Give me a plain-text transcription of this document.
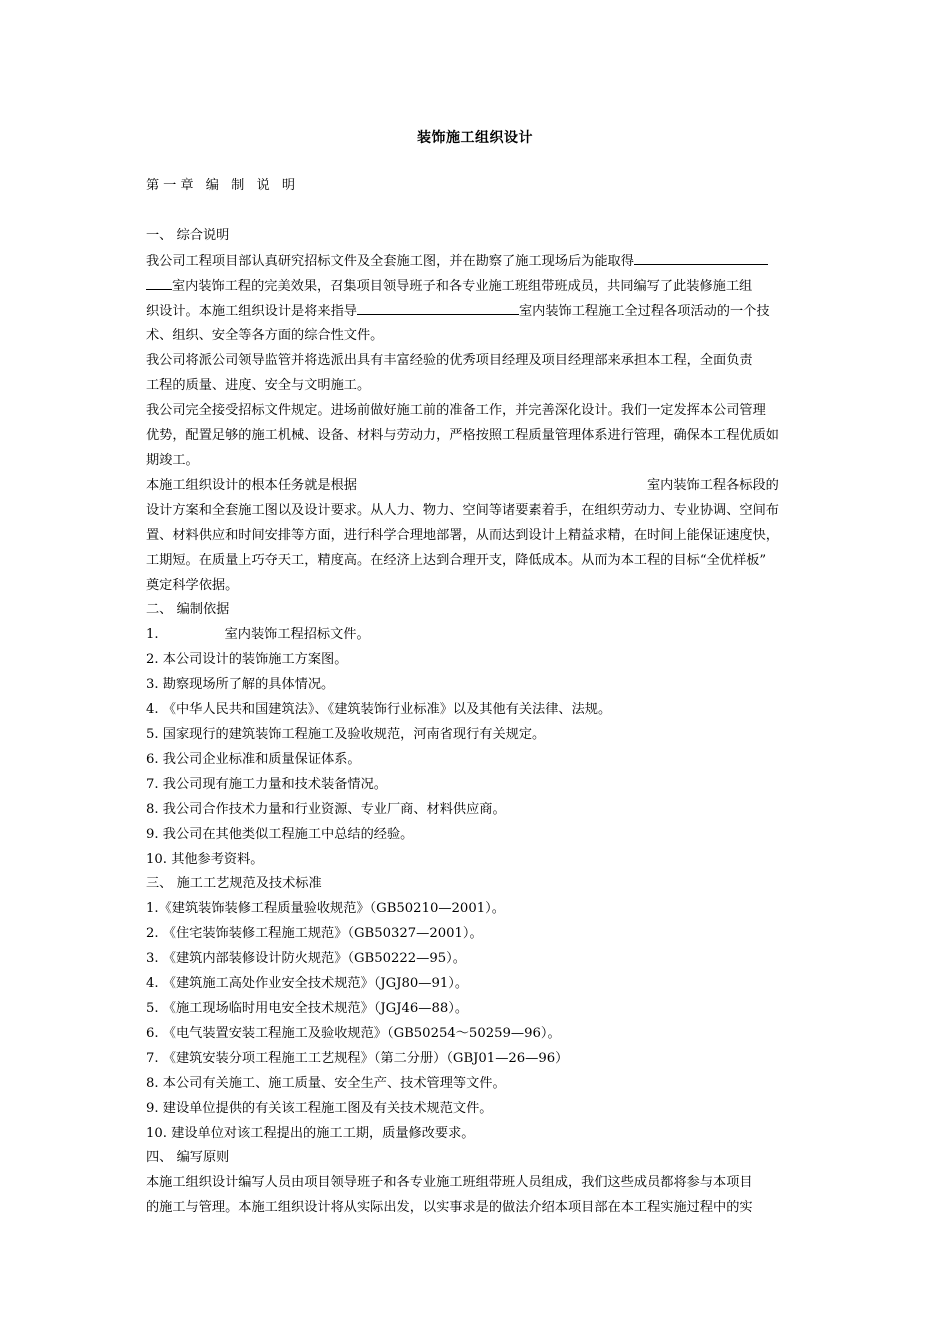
装饰施工组织设计
第一章 编 制 说 明
一、 综合说明
我公司工程项目部认真研究招标文件及全套施工图，并在勘察了施工现场后为能取得
室内装饰工程的完美效果，召集项目领导班子和各专业施工班组带班成员，共同编写了此装修施工组
织设计。本施工组织设计是将来指导	室内装饰工程施工全过程各项活动的一个技
术、组织、安全等各方面的综合性文件。
我公司将派公司领导监管并将选派出具有丰富经验的优秀项目经理及项目经理部来承担本工程，全面负责
工程的质量、进度、安全与文明施工。
我公司完全接受招标文件规定。进场前做好施工前的准备工作，并完善深化设计。我们一定发挥本公司管理
优势，配置足够的施工机械、设备、材料与劳动力，严格按照工程质量管理体系进行管理，确保本工程优质如
期竣工。
本施工组织设计的根本任务就是根据	室内装饰工程各标段的
设计方案和全套施工图以及设计要求。从人力、物力、空间等诸要素着手，在组织劳动力、专业协调、空间布
置、材料供应和时间安排等方面，进行科学合理地部署，从而达到设计上精益求精，在时间上能保证速度快，
工期短。在质量上巧夺天工，精度高。在经济上达到合理开支，降低成本。从而为本工程的目标“全优样板”
奠定科学依据。
二、 编制依据
1.	室内装饰工程招标文件。
2. 本公司设计的装饰施工方案图。
3. 勘察现场所了解的具体情况。
4. 《中华人民共和国建筑法》、《建筑装饰行业标准》以及其他有关法律、法规。
5. 国家现行的建筑装饰工程施工及验收规范，河南省现行有关规定。
6. 我公司企业标准和质量保证体系。
7. 我公司现有施工力量和技术装备情况。
8. 我公司合作技术力量和行业资源、专业厂商、材料供应商。
9. 我公司在其他类似工程施工中总结的经验。
10. 其他参考资料。
三、 施工工艺规范及技术标准
1.《建筑装饰装修工程质量验收规范》（GB50210—2001）。
2. 《住宅装饰装修工程施工规范》（GB50327—2001）。
3. 《建筑内部装修设计防火规范》（GB50222—95）。
4. 《建筑施工高处作业安全技术规范》（JGJ80—91）。
5. 《施工现场临时用电安全技术规范》（JGJ46—88）。
6. 《电气装置安装工程施工及验收规范》（GB50254～50259—96）。
7. 《建筑安装分项工程施工工艺规程》（第二分册）（GBJ01—26—96）
8. 本公司有关施工、施工质量、安全生产、技术管理等文件。
9. 建设单位提供的有关该工程施工图及有关技术规范文件。
10. 建设单位对该工程提出的施工工期，质量修改要求。
四、 编写原则
本施工组织设计编写人员由项目领导班子和各专业施工班组带班人员组成，我们这些成员都将参与本项目
的施工与管理。本施工组织设计将从实际出发，以实事求是的做法介绍本项目部在本工程实施过程中的实
